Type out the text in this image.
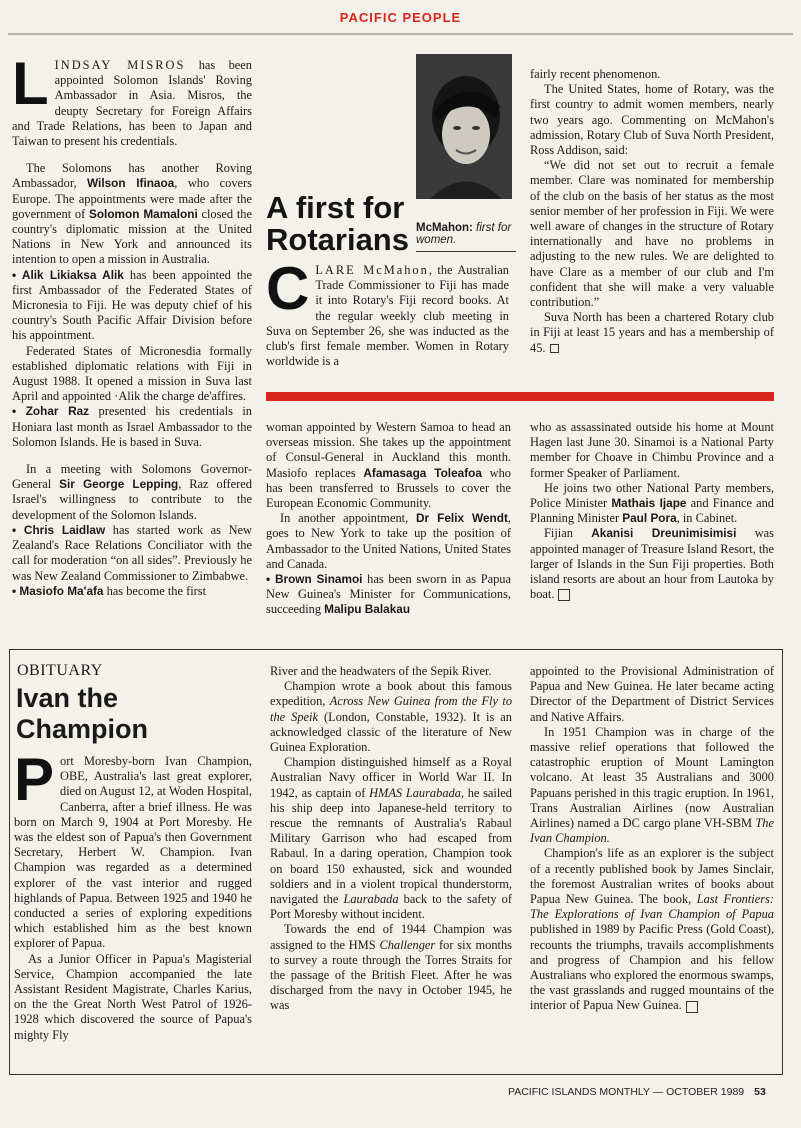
PACIFIC PEOPLE

LINDSAY MISROS has been appointed Solomon Islands' Roving Ambassador in Asia. Misros, the deupty Secretary for Foreign Affairs and Trade Relations, has been to Japan and Taiwan to present his credentials.

The Solomons has another Roving Ambassador, Wilson Ifinaoa, who covers Europe. The appointments were made after the government of Solomon Mamaloni closed the country's diplomatic mission at the United Nations in New York and announced its intention to open a mission in Australia.

• Alik Likiaksa Alik has been appointed the first Ambassador of the Federated States of Micronesia to Fiji. He was deputy chief of his country's South Pacific Affair Division before his appointment.

Federated States of Micronesdia formally established diplomatic relations with Fiji in August 1988. It opened a mission in Suva last April and appointed ·Alik the charge de'affires.

• Zohar Raz presented his credentials in Honiara last month as Israel Ambassador to the Solomon Islands. He is based in Suva.

In a meeting with Solomons Governor-General Sir George Lepping, Raz offered Israel's willingness to contribute to the development of the Solomon Islands.

• Chris Laidlaw has started work as New Zealand's Race Relations Conciliator with the call for moderation “on all sides”. Previously he was New Zealand Commissioner to Zimbabwe.

• Masiofo Ma'afa has become the first

A first for Rotarians McMahon: first for women.

CLARE McMahon, the Australian Trade Commissioner to Fiji has made it into Rotary's Fiji record books. At the regular weekly club meeting in Suva on September 26, she was inducted as the club's first female member. Women in Rotary worldwide is a

fairly recent phenomenon.

The United States, home of Rotary, was the first country to admit women members, nearly two years ago. Commenting on McMahon's admission, Rotary Club of Suva North President, Ross Addison, said:

“We did not set out to recruit a female member. Clare was nominated for membership of the club on the basis of her status as the most senior member of her profession in Fiji. We were well aware of changes in the structure of Rotary internationally and have no problems in adjusting to the new rules. We are delighted to have Clare as a member of our club and I'm confident that she will make a very valuable contribution.”

Suva North has been a chartered Rotary club in Fiji at least 15 years and has a membership of 45.

woman appointed by Western Samoa to head an overseas mission. She takes up the appointment of Consul-General in Auckland this month. Masiofo replaces Afamasaga Toleafoa who has been transferred to Brussels to cover the European Economic Community.

In another appointment, Dr Felix Wendt, goes to New York to take up the position of Ambassador to the United Nations, United States and Canada.

• Brown Sinamoi has been sworn in as Papua New Guinea's Minister for Communications, succeeding Malipu Balakau

who as assassinated outside his home at Mount Hagen last June 30. Sinamoi is a National Party member for Choave in Chimbu Province and a former Speaker of Parliament.

He joins two other National Party members, Police Minister Mathais Ijape and Finance and Planning Minister Paul Pora, in Cabinet.

Fijian Akanisi Dreunimisimisi was appointed manager of Treasure Island Resort, the larger of Islands in the Sun Fiji properties. Both island resorts are about an hour from Lautoka by boat.

OBITUARY
Ivan the Champion

Port Moresby-born Ivan Champion, OBE, Australia's last great explorer, died on August 12, at Woden Hospital, Canberra, after a brief illness. He was born on March 9, 1904 at Port Moresby. He was the eldest son of Papua's then Government Secretary, Herbert W. Champion. Ivan Champion was regarded as a determined explorer of the vast interior and rugged highlands of Papua. Between 1925 and 1940 he conducted a series of exploring expeditions which established him as the best known explorer of Papua.

As a Junior Officer in Papua's Magisterial Service, Champion accompanied the late Assistant Resident Magistrate, Charles Karius, on the the Great North West Patrol of 1926-1928 which discovered the source of Papua's mighty Fly

River and the headwaters of the Sepik River.

Champion wrote a book about this famous expedition, Across New Guinea from the Fly to the Speik (London, Constable, 1932). It is an acknowledged classic of the literature of New Guinea Exploration.

Champion distinguished himself as a Royal Australian Navy officer in World War II. In 1942, as captain of HMAS Laurabada, he sailed his ship deep into Japanese-held territory to rescue the remnants of Australia's Rabaul Military Garrison who had escaped from Rabaul. In a daring operation, Champion took on board 150 exhausted, sick and wounded soldiers and in a violent tropical thunderstorm, navigated the Laurabada back to the safety of Port Moresby without incident.

Towards the end of 1944 Champion was assigned to the HMS Challenger for six months to survey a route through the Torres Straits for the passage of the British Fleet. After he was discharged from the navy in October 1945, he was

appointed to the Provisional Administration of Papua and New Guinea. He later became acting Director of the Department of District Services and Native Affairs.

In 1951 Champion was in charge of the massive relief operations that followed the catastrophic eruption of Mount Lamington volcano. At least 35 Australians and 3000 Papuans perished in this tragic eruption. In 1961, Trans Australian Airlines (now Australian Airlines) named a DC cargo plane VH-SBM The Ivan Champion.

Champion's life as an explorer is the subject of a recently published book by James Sinclair, the foremost Australian writes of books about Papua New Guinea. The book, Last Frontiers: The Explorations of Ivan Champion of Papua published in 1989 by Pacific Press (Gold Coast), recounts the triumphs, travails accomplishments and progress of Champion and his fellow Australians who explored the enormous swamps, the vast grasslands and rugged mountains of the interior of Papua New Guinea.

PACIFIC ISLANDS MONTHLY — OCTOBER 1989 53
